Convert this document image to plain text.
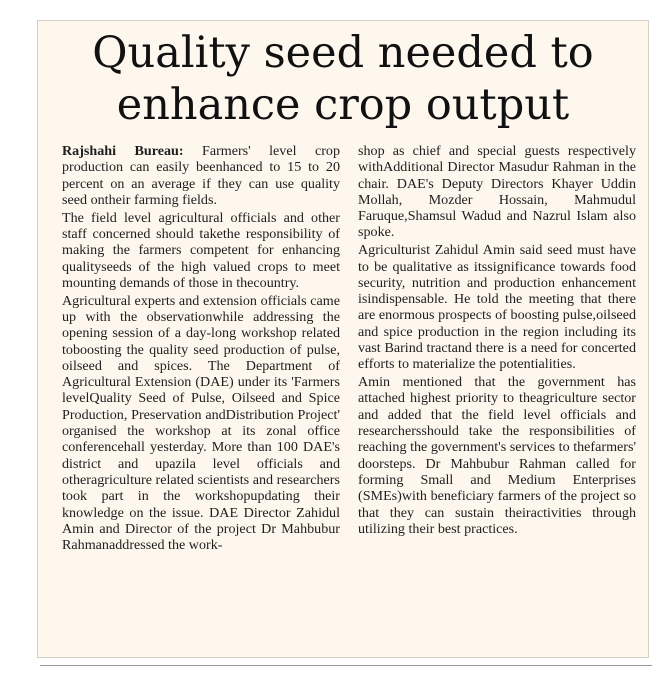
Quality seed needed to
enhance crop output

Rajshahi Bureau: Farmers' level crop production can easily beenhanced to 15 to 20 percent on an average if they can use quality seed ontheir farming fields.

The field level agricultural officials and other staff concerned should takethe responsibility of making the farmers competent for enhancing qualityseeds of the high valued crops to meet mounting demands of those in thecountry.

Agricultural experts and extension officials came up with the observationwhile addressing the opening session of a day-long workshop related toboosting the quality seed production of pulse, oilseed and spices. The Department of Agricultural Extension (DAE) under its 'Farmers levelQuality Seed of Pulse, Oilseed and Spice Production, Preservation andDistribution Project' organised the workshop at its zonal office conferencehall yesterday. More than 100 DAE's district and upazila level officials and otheragriculture related scientists and researchers took part in the workshopupdating their knowledge on the issue. DAE Director Zahidul Amin and Director of the project Dr Mahbubur Rahmanaddressed the work-

shop as chief and special guests respectively withAdditional Director Masudur Rahman in the chair. DAE's Deputy Directors Khayer Uddin Mollah, Mozder Hossain, Mahmudul Faruque,Shamsul Wadud and Nazrul Islam also spoke.

Agriculturist Zahidul Amin said seed must have to be qualitative as itssignificance towards food security, nutrition and production enhancement isindispensable. He told the meeting that there are enormous prospects of boosting pulse,oilseed and spice production in the region including its vast Barind tractand there is a need for concerted efforts to materialize the potentialities.

Amin mentioned that the government has attached highest priority to theagriculture sector and added that the field level officials and researchersshould take the responsibilities of reaching the government's services to thefarmers' doorsteps. Dr Mahbubur Rahman called for forming Small and Medium Enterprises (SMEs)with beneficiary farmers of the project so that they can sustain theiractivities through utilizing their best practices.
